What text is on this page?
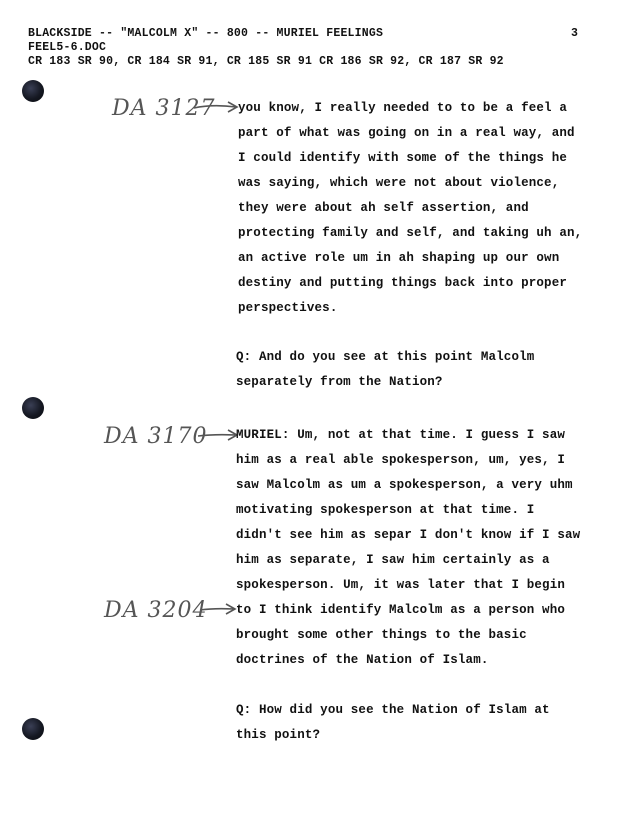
BLACKSIDE -- "MALCOLM X" -- 800 -- MURIEL FEELINGS
FEEL5-6.DOC
CR 183 SR 90, CR 184 SR 91, CR 185 SR 91 CR 186 SR 92, CR 187 SR 92
3
DA 3127
DA 3170
DA 3204
you know, I really needed to to be a feel a
part of what was going on in a real way, and
I could identify with some of the things he
was saying, which were not about violence,
they were about ah self assertion, and
protecting family and self, and taking uh an,
an active role um in ah shaping up our own
destiny and putting things back into proper
perspectives.
Q: And do you see at this point Malcolm
separately from the Nation?
MURIEL: Um, not at that time. I guess I saw
him as a real able spokesperson, um, yes, I
saw Malcolm as um a spokesperson, a very uhm
motivating spokesperson at that time. I
didn't see him as separ I don't know if I saw
him as separate, I saw him certainly as a
spokesperson. Um, it was later that I begin
to I think identify Malcolm as a person who
brought some other things to the basic
doctrines of the Nation of Islam.
Q: How did you see the Nation of Islam at
this point?
